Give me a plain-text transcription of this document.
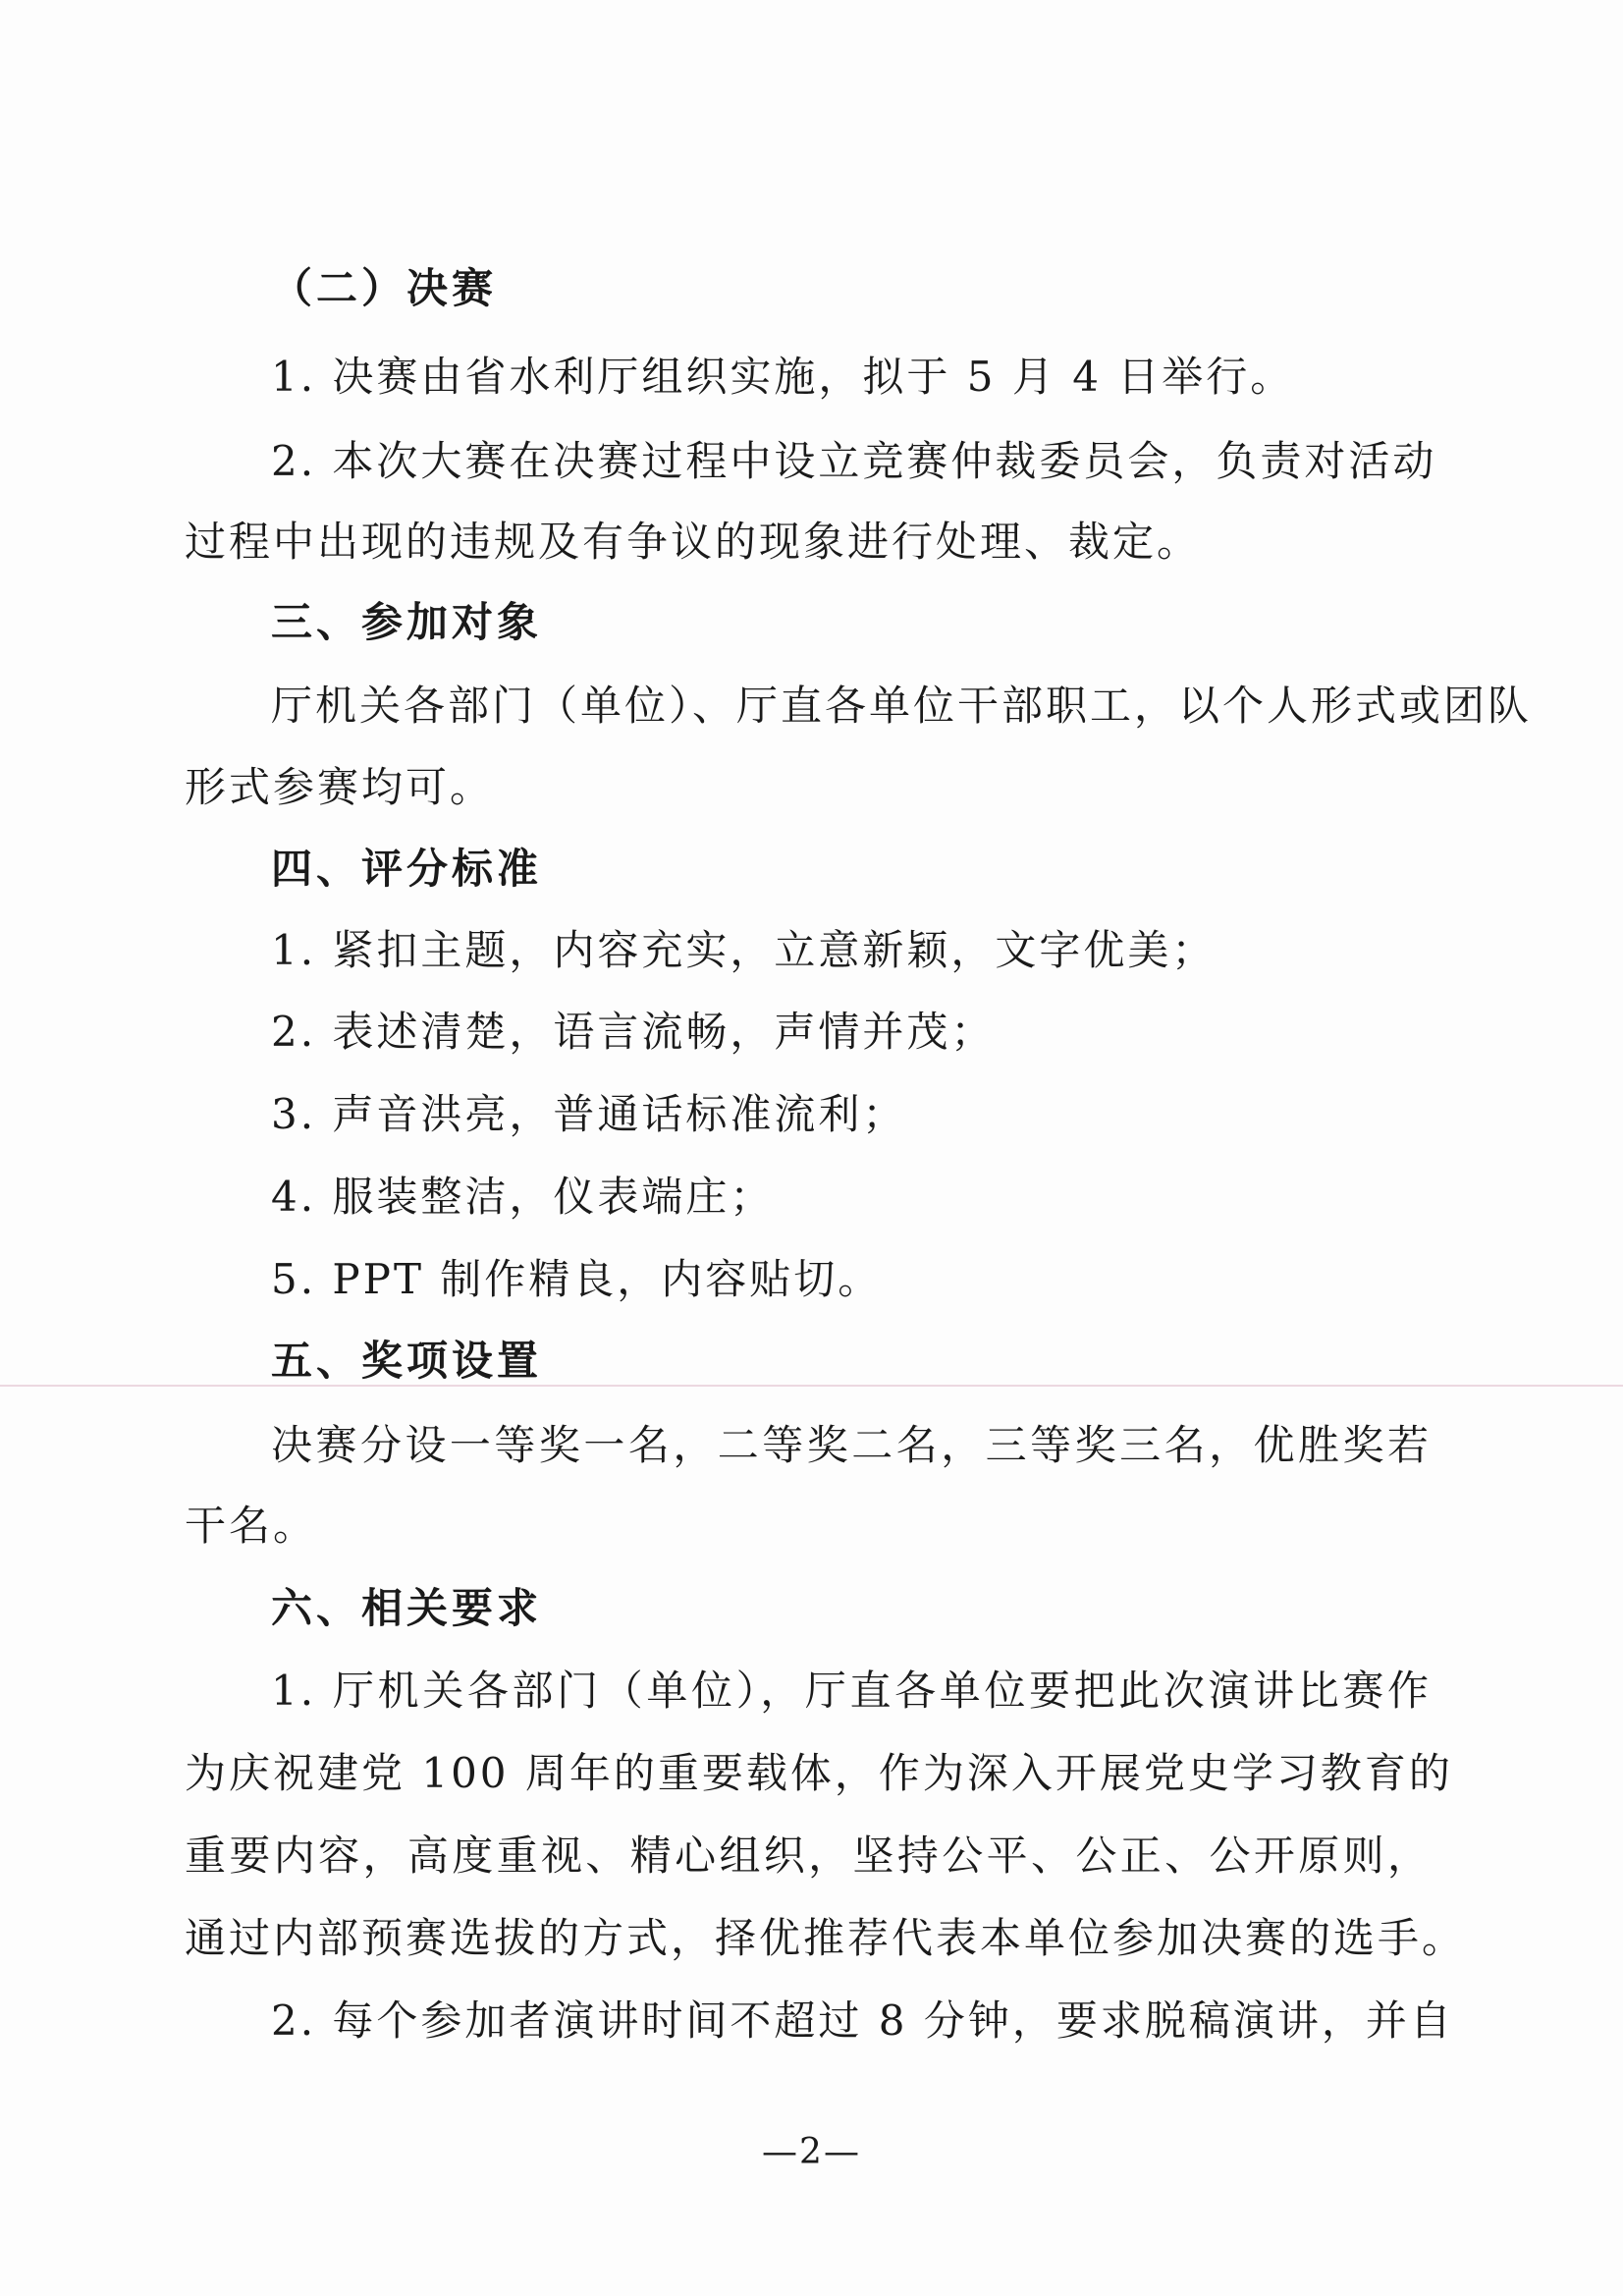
（二）决赛
1. 决赛由省水利厅组织实施，拟于 5 月 4 日举行。
2. 本次大赛在决赛过程中设立竞赛仲裁委员会，负责对活动
过程中出现的违规及有争议的现象进行处理、裁定。
三、参加对象
厅机关各部门（单位）、厅直各单位干部职工，以个人形式或团队
形式参赛均可。
四、评分标准
1. 紧扣主题，内容充实，立意新颖，文字优美；
2. 表述清楚，语言流畅，声情并茂；
3. 声音洪亮，普通话标准流利；
4. 服装整洁，仪表端庄；
5. PPT 制作精良，内容贴切。
五、奖项设置
决赛分设一等奖一名，二等奖二名，三等奖三名，优胜奖若
干名。
六、相关要求
1. 厅机关各部门（单位），厅直各单位要把此次演讲比赛作
为庆祝建党 100 周年的重要载体，作为深入开展党史学习教育的
重要内容，高度重视、精心组织，坚持公平、公正、公开原则，
通过内部预赛选拔的方式，择优推荐代表本单位参加决赛的选手。
2. 每个参加者演讲时间不超过 8 分钟，要求脱稿演讲，并自
—2—
